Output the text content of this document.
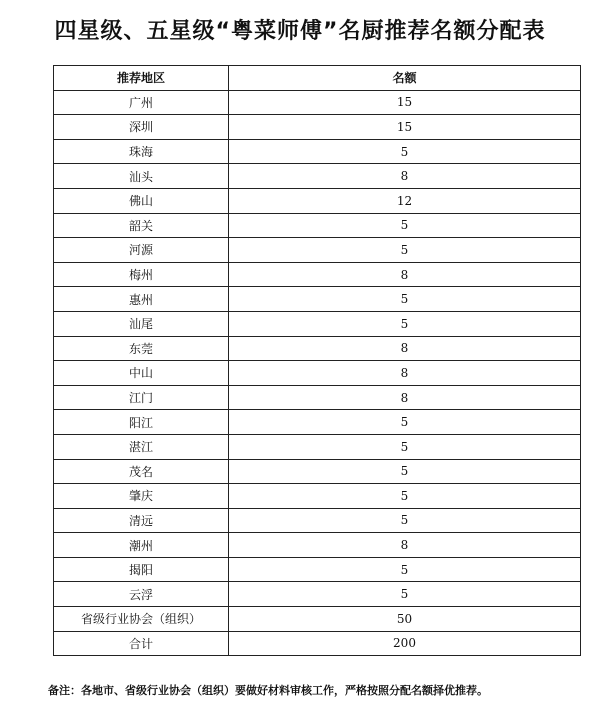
四星级、五星级“粤菜师傅”名厨推荐名额分配表
推荐地区	名额
广州	15
深圳	15
珠海	5
汕头	8
佛山	12
韶关	5
河源	5
梅州	8
惠州	5
汕尾	5
东莞	8
中山	8
江门	8
阳江	5
湛江	5
茂名	5
肇庆	5
清远	5
潮州	8
揭阳	5
云浮	5
省级行业协会（组织）	50
合计	200
备注：各地市、省级行业协会（组织）要做好材料审核工作，严格按照分配名额择优推荐。
